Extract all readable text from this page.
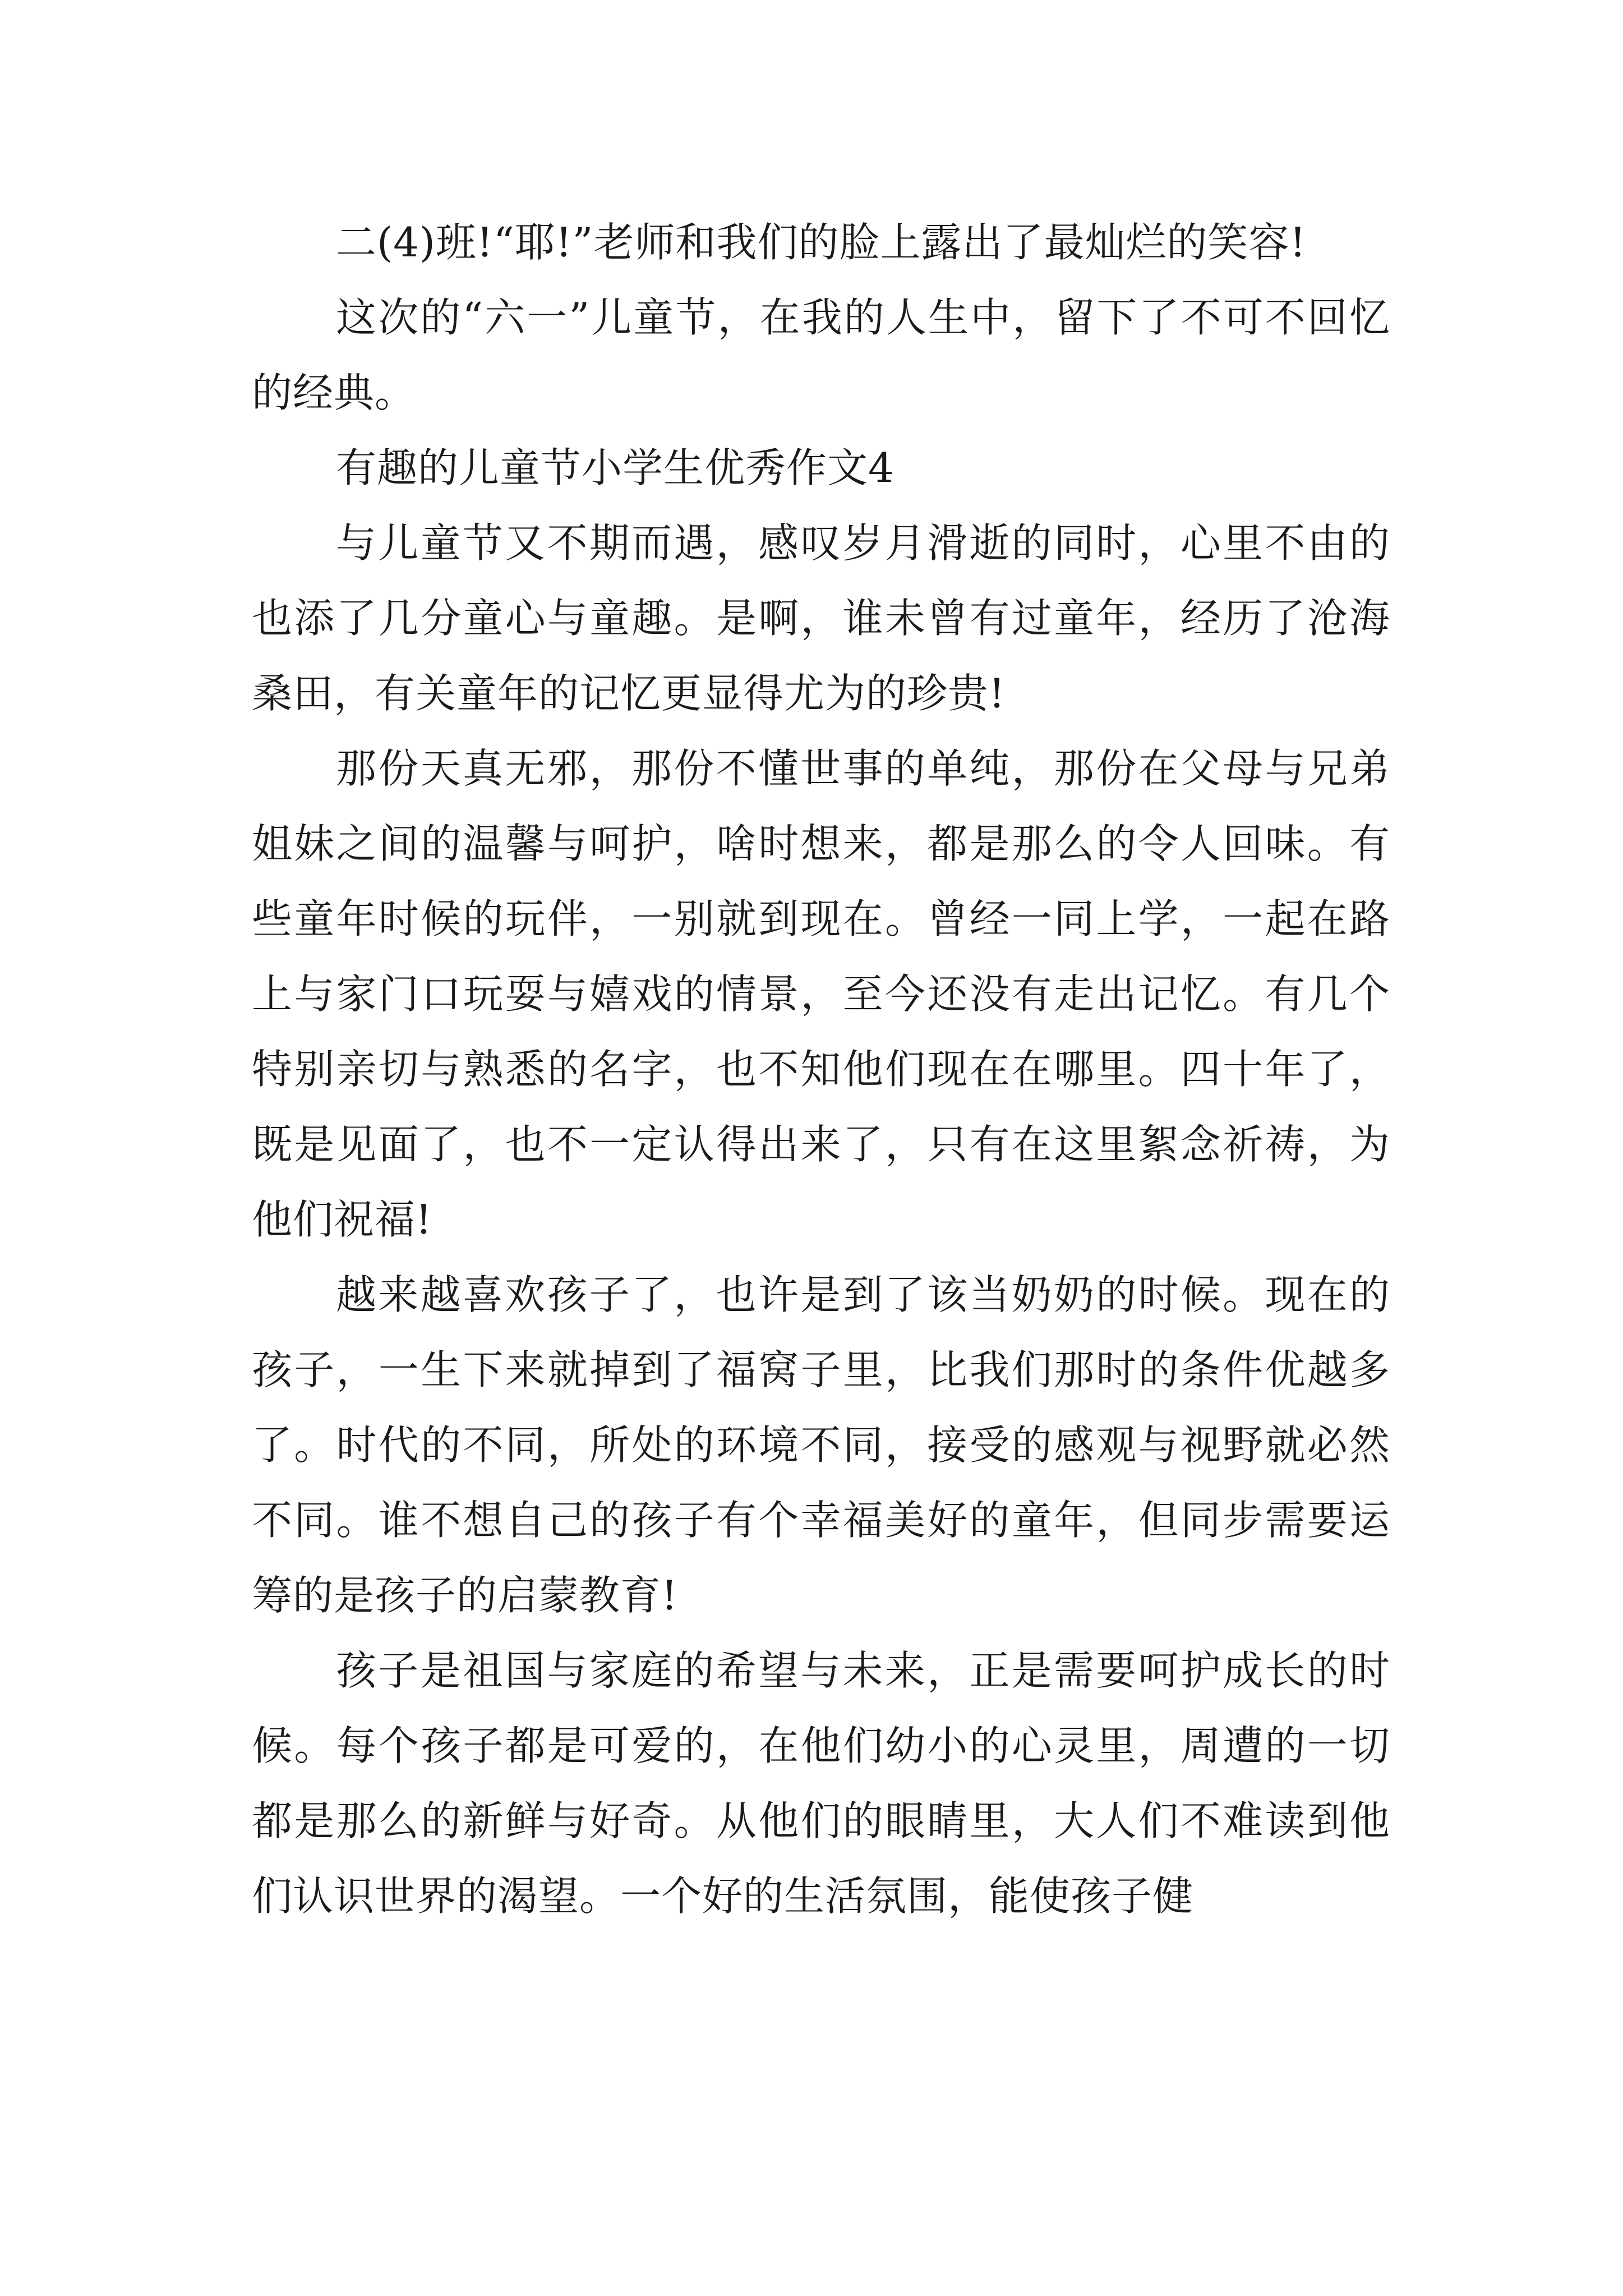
二(4)班!“耶!”老师和我们的脸上露出了最灿烂的笑容!

这次的“六一”儿童节，在我的人生中，留下了不可不回忆的经典。

有趣的儿童节小学生优秀作文4

与儿童节又不期而遇，感叹岁月滑逝的同时，心里不由的也添了几分童心与童趣。是啊，谁未曾有过童年，经历了沧海桑田，有关童年的记忆更显得尤为的珍贵!

那份天真无邪，那份不懂世事的单纯，那份在父母与兄弟姐妹之间的温馨与呵护，啥时想来，都是那么的令人回味。有些童年时候的玩伴，一别就到现在。曾经一同上学，一起在路上与家门口玩耍与嬉戏的情景，至今还没有走出记忆。有几个特别亲切与熟悉的名字，也不知他们现在在哪里。四十年了，既是见面了，也不一定认得出来了，只有在这里絮念祈祷，为他们祝福!

越来越喜欢孩子了，也许是到了该当奶奶的时候。现在的孩子，一生下来就掉到了福窝子里，比我们那时的条件优越多了。时代的不同，所处的环境不同，接受的感观与视野就必然不同。谁不想自己的孩子有个幸福美好的童年，但同步需要运筹的是孩子的启蒙教育!

孩子是祖国与家庭的希望与未来，正是需要呵护成长的时候。每个孩子都是可爱的，在他们幼小的心灵里，周遭的一切都是那么的新鲜与好奇。从他们的眼睛里，大人们不难读到他们认识世界的渴望。一个好的生活氛围，能使孩子健
